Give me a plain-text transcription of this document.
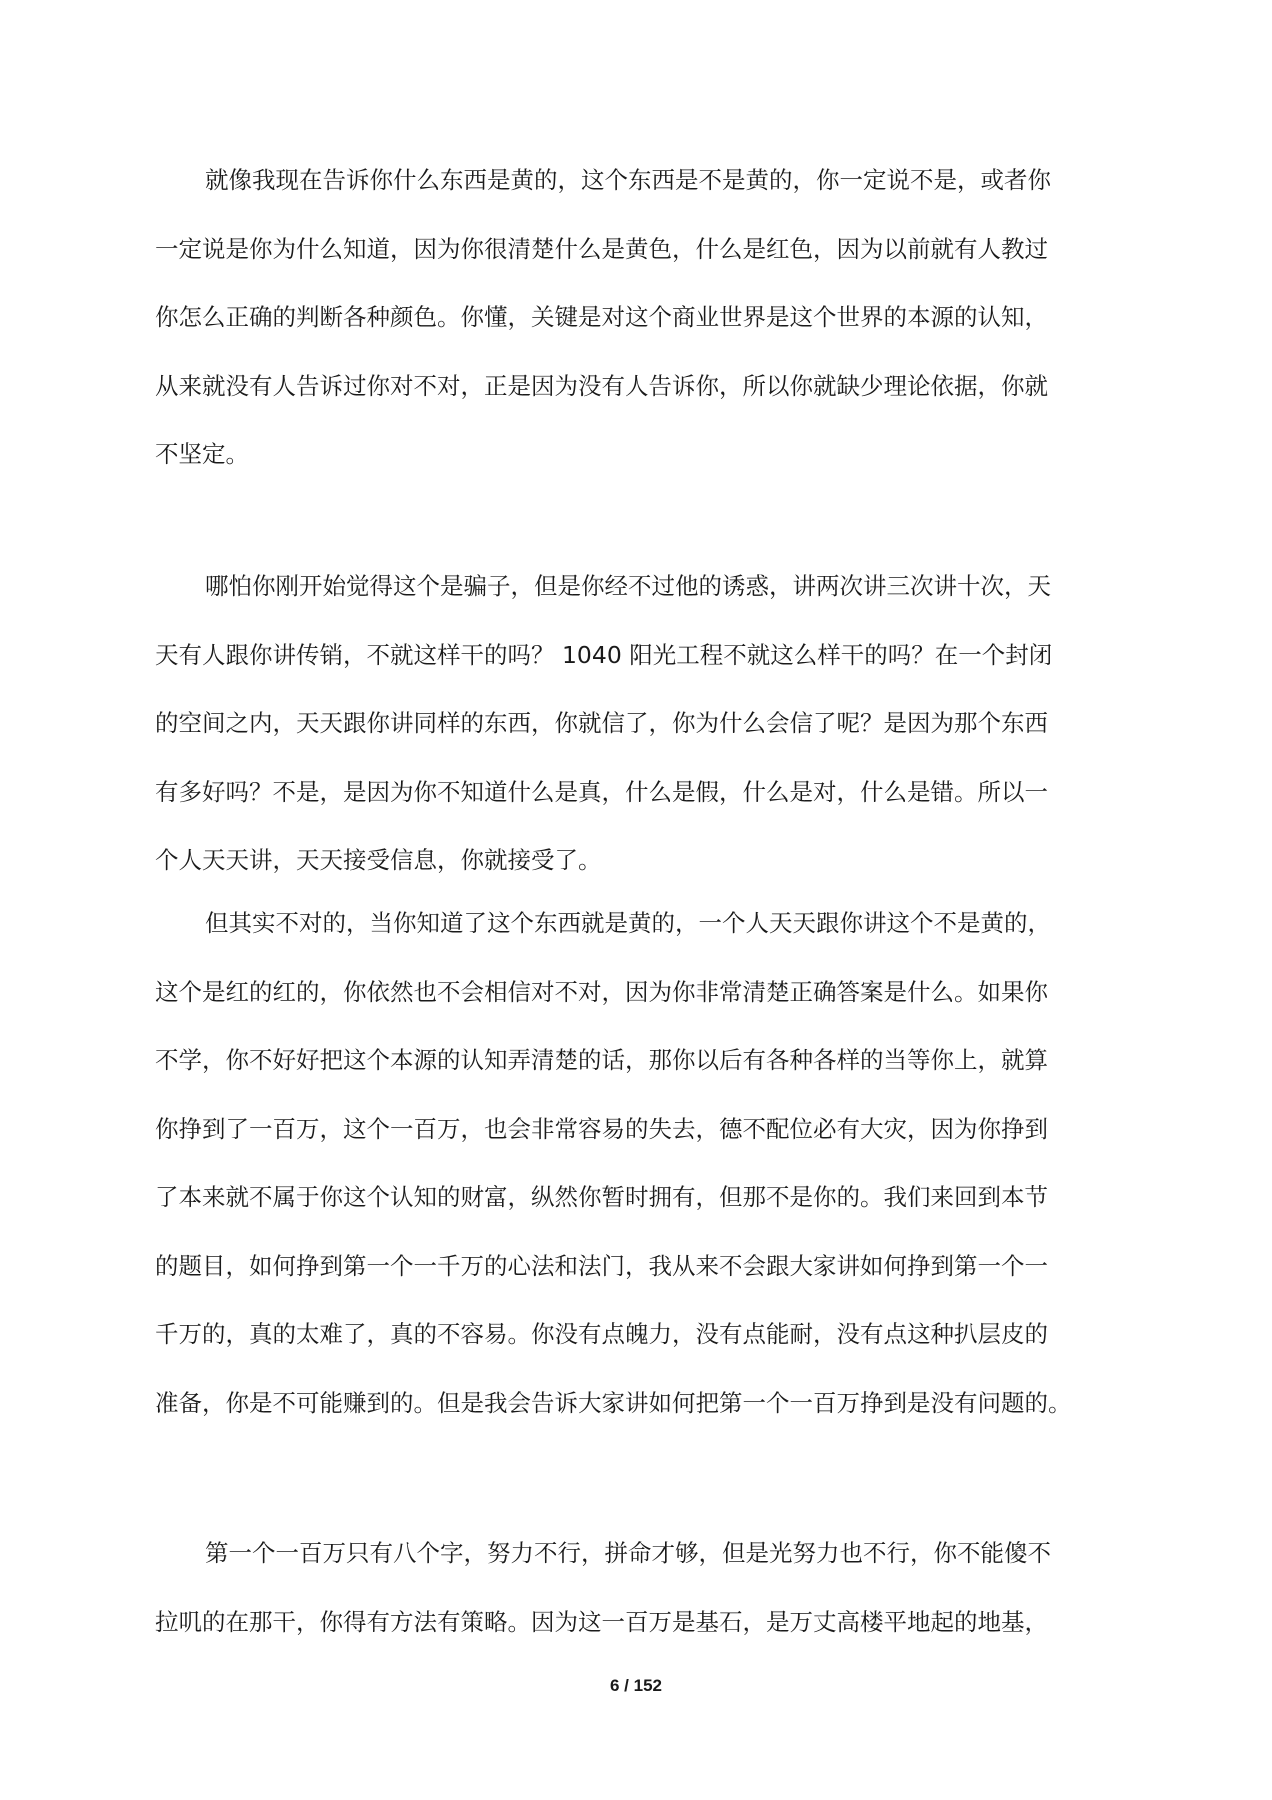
就像我现在告诉你什么东西是黄的，这个东西是不是黄的，你一定说不是，或者你
一定说是你为什么知道，因为你很清楚什么是黄色，什么是红色，因为以前就有人教过
你怎么正确的判断各种颜色。你懂，关键是对这个商业世界是这个世界的本源的认知，
从来就没有人告诉过你对不对，正是因为没有人告诉你，所以你就缺少理论依据，你就
不坚定。
哪怕你刚开始觉得这个是骗子，但是你经不过他的诱惑，讲两次讲三次讲十次，天
天有人跟你讲传销，不就这样干的吗？ 1040 阳光工程不就这么样干的吗？在一个封闭
的空间之内，天天跟你讲同样的东西，你就信了，你为什么会信了呢？是因为那个东西
有多好吗？不是，是因为你不知道什么是真，什么是假，什么是对，什么是错。所以一
个人天天讲，天天接受信息，你就接受了。
但其实不对的，当你知道了这个东西就是黄的，一个人天天跟你讲这个不是黄的，
这个是红的红的，你依然也不会相信对不对，因为你非常清楚正确答案是什么。如果你
不学，你不好好把这个本源的认知弄清楚的话，那你以后有各种各样的当等你上，就算
你挣到了一百万，这个一百万，也会非常容易的失去，德不配位必有大灾，因为你挣到
了本来就不属于你这个认知的财富，纵然你暂时拥有，但那不是你的。我们来回到本节
的题目，如何挣到第一个一千万的心法和法门，我从来不会跟大家讲如何挣到第一个一
千万的，真的太难了，真的不容易。你没有点魄力，没有点能耐，没有点这种扒层皮的
准备，你是不可能赚到的。但是我会告诉大家讲如何把第一个一百万挣到是没有问题的。
第一个一百万只有八个字，努力不行，拼命才够，但是光努力也不行，你不能傻不
拉叽的在那干，你得有方法有策略。因为这一百万是基石，是万丈高楼平地起的地基，
6 / 152
